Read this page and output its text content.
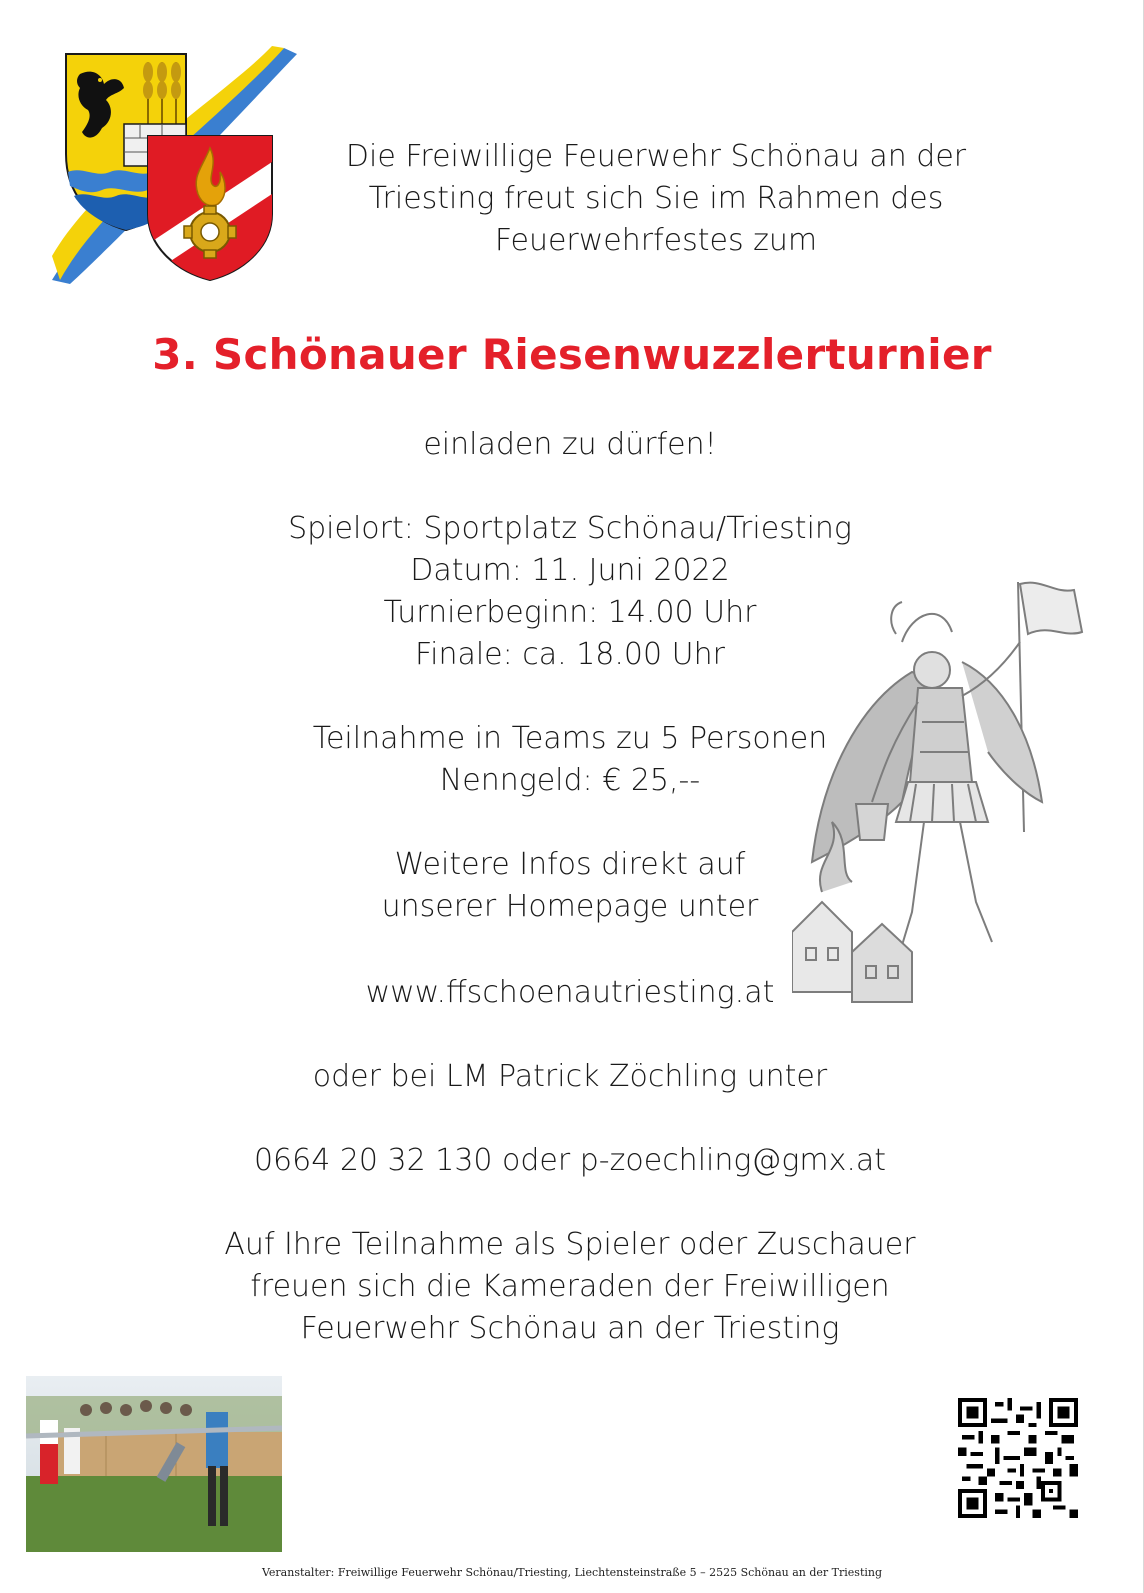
Die Freiwillige Feuerwehr Schönau an der
Triesting freut sich Sie im Rahmen des
Feuerwehrfestes zum
3. Schönauer Riesenwuzzlerturnier
einladen zu dürfen!
Spielort: Sportplatz Schönau/Triesting
Datum: 11. Juni 2022
Turnierbeginn: 14.00 Uhr
Finale: ca. 18.00 Uhr
Teilnahme in Teams zu 5 Personen
Nenngeld: € 25,--
Weitere Infos direkt auf
unserer Homepage unter
www.ffschoenautriesting.at
oder bei LM Patrick Zöchling unter
0664 20 32 130 oder p-zoechling@gmx.at
Auf Ihre Teilnahme als Spieler oder Zuschauer
freuen sich die Kameraden der Freiwilligen
Feuerwehr Schönau an der Triesting
Veranstalter: Freiwillige Feuerwehr Schönau/Triesting, Liechtensteinstraße 5 – 2525 Schönau an der Triesting
